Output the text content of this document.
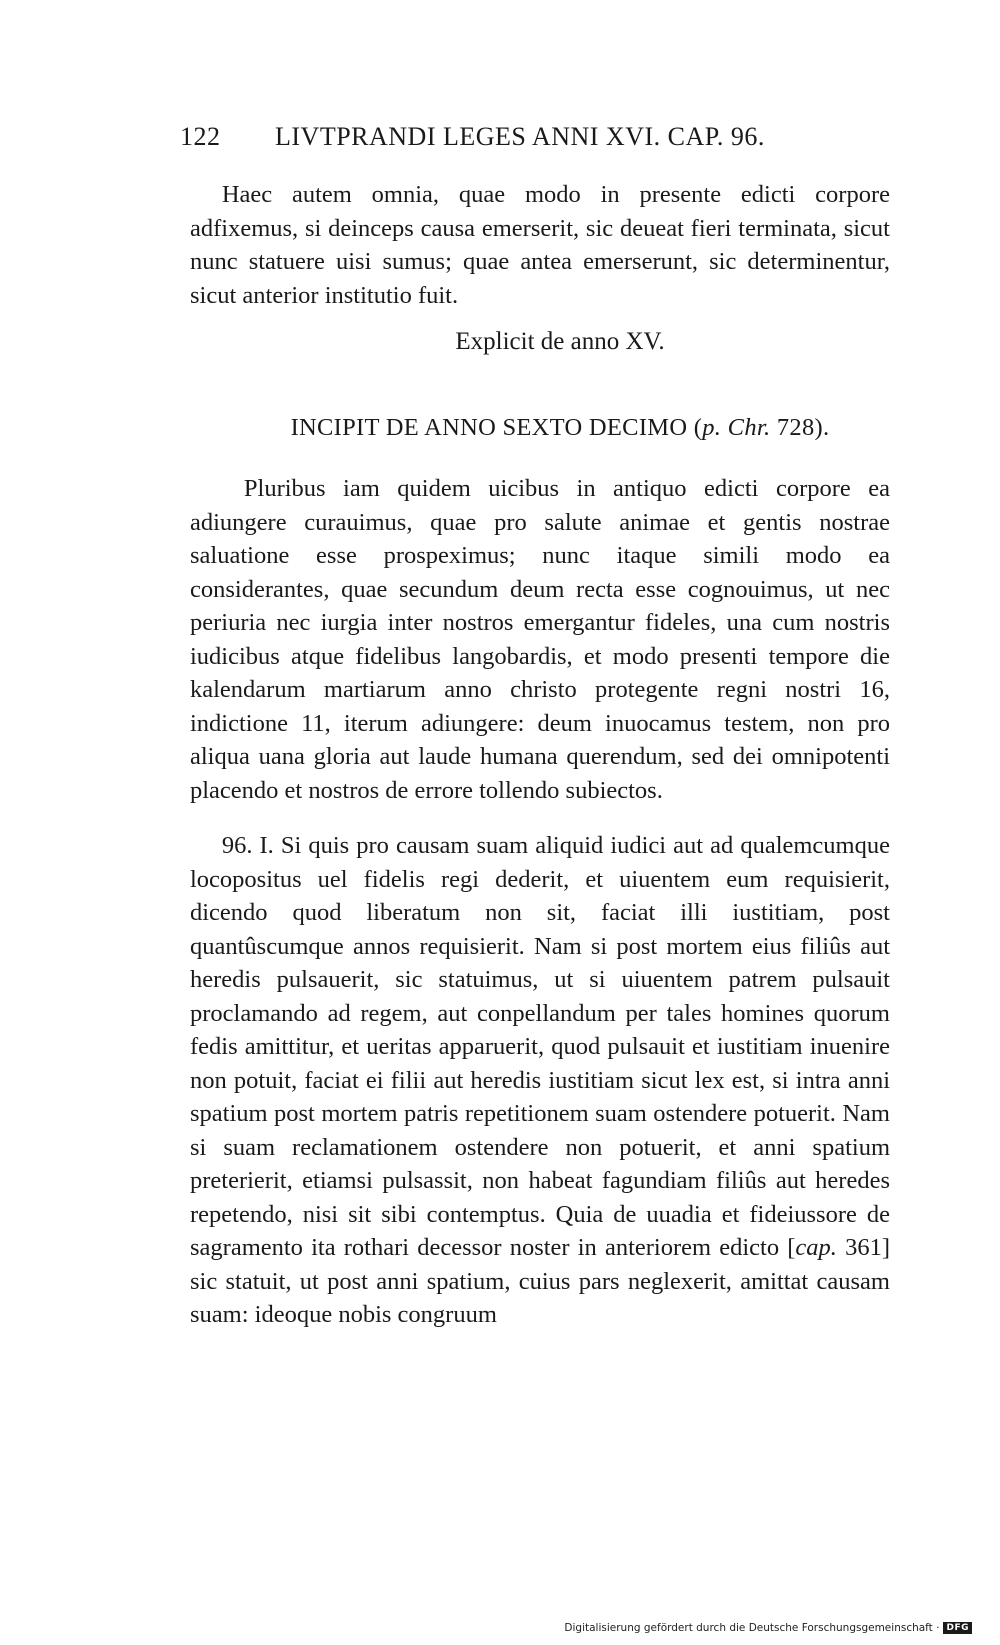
122 LIVTPRANDI LEGES ANNI XVI. CAP. 96.
Haec autem omnia, quae modo in presente edicti corpore adfixemus, si deinceps causa emerserit, sic deueat fieri terminata, sicut nunc statuere uisi sumus; quae antea emerserunt, sic determinentur, sicut anterior institutio fuit.
Explicit de anno XV.
INCIPIT DE ANNO SEXTO DECIMO (p. Chr. 728).
Pluribus iam quidem uicibus in antiquo edicti corpore ea adiungere curauimus, quae pro salute animae et gentis nostrae saluatione esse prospeximus; nunc itaque simili modo ea considerantes, quae secundum deum recta esse cognouimus, ut nec periuria nec iurgia inter nostros emergantur fideles, una cum nostris iudicibus atque fidelibus langobardis, et modo presenti tempore die kalendarum martiarum anno christo protegente regni nostri 16, indictione 11, iterum adiungere: deum inuocamus testem, non pro aliqua uana gloria aut laude humana querendum, sed dei omnipotenti placendo et nostros de errore tollendo subiectos.
96. I. Si quis pro causam suam aliquid iudici aut ad qualemcumque locopositus uel fidelis regi dederit, et uiuentem eum requisierit, dicendo quod liberatum non sit, faciat illi iustitiam, post quantûscumque annos requisierit. Nam si post mortem eius filiûs aut heredis pulsauerit, sic statuimus, ut si uiuentem patrem pulsauit proclamando ad regem, aut conpellandum per tales homines quorum fedis amittitur, et ueritas apparuerit, quod pulsauit et iustitiam inuenire non potuit, faciat ei filii aut heredis iustitiam sicut lex est, si intra anni spatium post mortem patris repetitionem suam ostendere potuerit. Nam si suam reclamationem ostendere non potuerit, et anni spatium preterierit, etiamsi pulsassit, non habeat fagundiam filiûs aut heredes repetendo, nisi sit sibi contemptus. Quia de uuadia et fideiussore de sagramento ita rothari decessor noster in anteriorem edicto [cap. 361] sic statuit, ut post anni spatium, cuius pars neglexerit, amittat causam suam: ideoque nobis congruum
Digitalisierung gefördert durch die Deutsche Forschungsgemeinschaft · DFG
